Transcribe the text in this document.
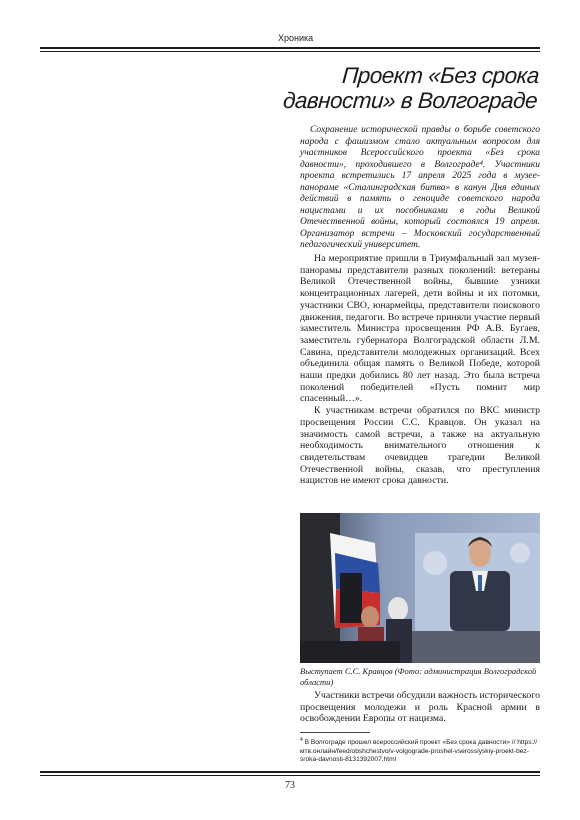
Хроника
Проект «Без срока давности» в Волгограде

Сохранение исторической правды о борьбе советского народа с фашизмом стало актуальным вопросом для участников Всероссийского проекта «Без срока давности», проходившего в Волгограде⁴. Участники проекта встретились 17 апреля 2025 года в музее-панораме «Сталинградская битва» в канун Дня единых действий в память о геноциде советского народа нацистами и их пособниками в годы Великой Отечественной войны, который состоялся 19 апреля. Организатор встречи – Московский государственный педагогический университет.

На мероприятие пришли в Триумфальный зал музея-панорамы представители разных поколений: ветераны Великой Отечественной войны, бывшие узники концентрационных лагерей, дети войны и их потомки, участники СВО, юнармейцы, представители поискового движения, педагоги. Во встрече приняли участие первый заместитель Министра просвещения РФ А.В. Бугаев, заместитель губернатора Волгоградской области Л.М. Савина, представители молодежных организаций. Всех объединила общая память о Великой Победе, которой наши предки добились 80 лет назад. Это была встреча поколений победителей «Пусть помнит мир спасенный…».

К участникам встречи обратился по ВКС министр просвещения России С.С. Кравцов. Он указал на значимость самой встречи, а также на актуальную необходимость внимательного отношения к свидетельствам очевидцев трагедии Великой Отечественной войны, сказав, что преступления нацистов не имеют срока давности.

Выступает С.С. Кравцов (Фото: администрация Волгоградской области)

Участники встречи обсудили важность исторического просвещения молодежи и роль Красной армии в освобождении Европы от нацизма.

$^4$ В Волгограде прошел всероссийский проект «Без срока давности» // https://мтв.онлайн/feed/obshchestvo/v-volgograde-proshel-vserossiyskiy-proekt-bez-sroka-davnosti-8131392007.html

73
